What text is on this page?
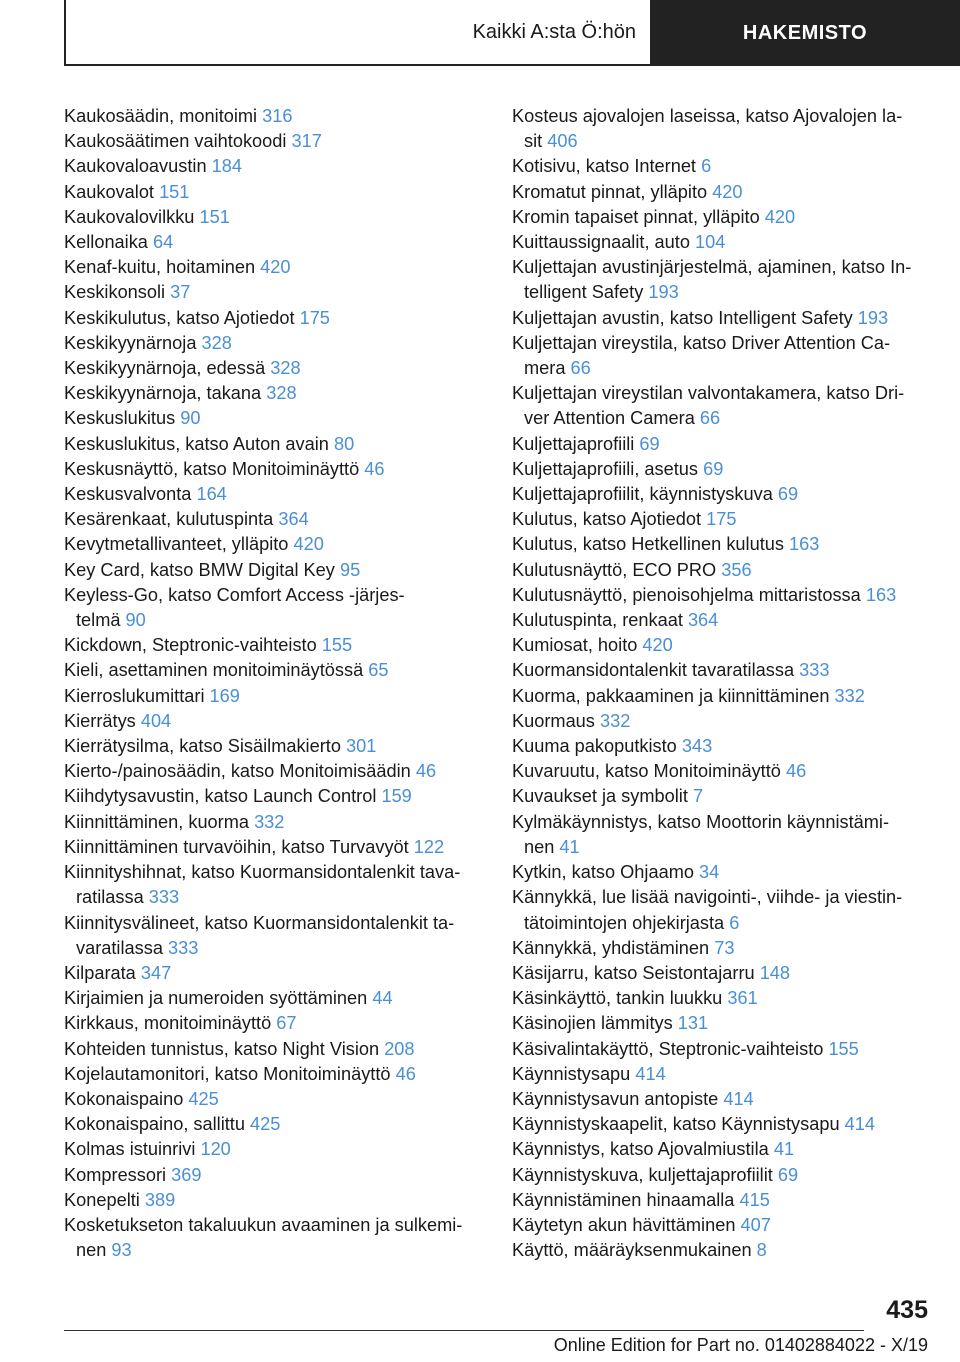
Kaikki A:sta Ö:hön	HAKEMISTO
Kaukosäädin, monitoimi 316
Kaukosäätimen vaihtokoodi 317
Kaukovaloavustin 184
Kaukovalot 151
Kaukovalovilkku 151
Kellonaika 64
Kenaf-kuitu, hoitaminen 420
Keskikonsoli 37
Keskikulutus, katso Ajotiedot 175
Keskikyynärnoja 328
Keskikyynärnoja, edessä 328
Keskikyynärnoja, takana 328
Keskuslukitus 90
Keskuslukitus, katso Auton avain 80
Keskusnäyttö, katso Monitoiminäyttö 46
Keskusvalvonta 164
Kesärenkaat, kulutuspinta 364
Kevytmetallivanteet, ylläpito 420
Key Card, katso BMW Digital Key 95
Keyless-Go, katso Comfort Access -järjes-
telmä 90
Kickdown, Steptronic-vaihteisto 155
Kieli, asettaminen monitoiminäytössä 65
Kierroslukumittari 169
Kierrätys 404
Kierrätysilma, katso Sisäilmakierto 301
Kierto-/painosäädin, katso Monitoimisäädin 46
Kiihdytysavustin, katso Launch Control 159
Kiinnittäminen, kuorma 332
Kiinnittäminen turvavöihin, katso Turvavyöt 122
Kiinnityshihnat, katso Kuormansidontalenkit tava-
ratilassa 333
Kiinnitysvälineet, katso Kuormansidontalenkit ta-
varatilassa 333
Kilparata 347
Kirjaimien ja numeroiden syöttäminen 44
Kirkkaus, monitoiminäyttö 67
Kohteiden tunnistus, katso Night Vision 208
Kojelautamonitori, katso Monitoiminäyttö 46
Kokonaispaino 425
Kokonaispaino, sallittu 425
Kolmas istuinrivi 120
Kompressori 369
Konepelti 389
Kosketukseton takaluukun avaaminen ja sulkemi-
nen 93
Kosteus ajovalojen laseissa, katso Ajovalojen la-
sit 406
Kotisivu, katso Internet 6
Kromatut pinnat, ylläpito 420
Kromin tapaiset pinnat, ylläpito 420
Kuittaussignaalit, auto 104
Kuljettajan avustinjärjestelmä, ajaminen, katso In-
telligent Safety 193
Kuljettajan avustin, katso Intelligent Safety 193
Kuljettajan vireystila, katso Driver Attention Ca-
mera 66
Kuljettajan vireystilan valvontakamera, katso Dri-
ver Attention Camera 66
Kuljettajaprofiili 69
Kuljettajaprofiili, asetus 69
Kuljettajaprofiilit, käynnistyskuva 69
Kulutus, katso Ajotiedot 175
Kulutus, katso Hetkellinen kulutus 163
Kulutusnäyttö, ECO PRO 356
Kulutusnäyttö, pienoisohjelma mittaristossa 163
Kulutuspinta, renkaat 364
Kumiosat, hoito 420
Kuormansidontalenkit tavaratilassa 333
Kuorma, pakkaaminen ja kiinnittäminen 332
Kuormaus 332
Kuuma pakoputkisto 343
Kuvaruutu, katso Monitoiminäyttö 46
Kuvaukset ja symbolit 7
Kylmäkäynnistys, katso Moottorin käynnistämi-
nen 41
Kytkin, katso Ohjaamo 34
Kännykkä, lue lisää navigointi-, viihde- ja viestin-
tätoimintojen ohjekirjasta 6
Kännykkä, yhdistäminen 73
Käsijarru, katso Seistontajarru 148
Käsinkäyttö, tankin luukku 361
Käsinojien lämmitys 131
Käsivalintakäyttö, Steptronic-vaihteisto 155
Käynnistysapu 414
Käynnistysavun antopiste 414
Käynnistyskaapelit, katso Käynnistysapu 414
Käynnistys, katso Ajovalmiustila 41
Käynnistyskuva, kuljettajaprofiilit 69
Käynnistäminen hinaamalla 415
Käytetyn akun hävittäminen 407
Käyttö, määräyksenmukainen 8
435
Online Edition for Part no. 01402884022 - X/19
